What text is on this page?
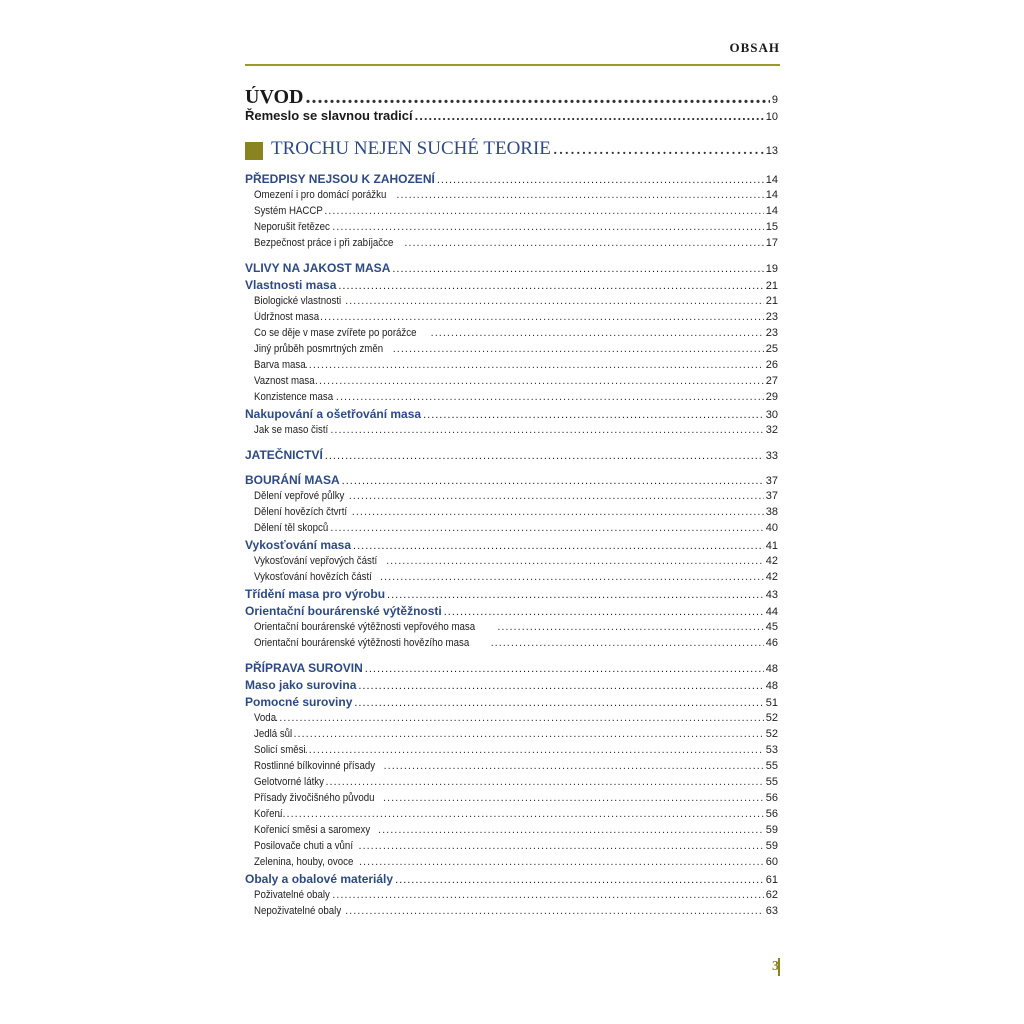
OBSAH
ÚVOD .....	9
Řemeslo se slavnou tradicí .....	10
TROCHU NEJEN SUCHÉ TEORIE .....	13
PŘEDPISY NEJSOU K ZAHOZENÍ .....	14
Omezení i pro domácí porážku .....	14
Systém HACCP .....	14
Neporušit řetězec .....	15
Bezpečnost práce i při zabíjačce .....	17
VLIVY NA JAKOST MASA .....	19
Vlastnosti masa .....	21
Biologické vlastnosti .....	21
Údržnost masa .....	23
Co se děje v mase zvířete po porážce .....	23
Jiný průběh posmrtných změn .....	25
Barva masa .....	26
Vaznost masa .....	27
Konzistence masa .....	29
Nakupování a ošetřování masa .....	30
Jak se maso čistí .....	32
JATEČNICTVÍ .....	33
BOURÁNÍ MASA .....	37
Dělení vepřové půlky .....	37
Dělení hovězích čtvrtí .....	38
Dělení těl skopců .....	40
Vykosťování masa .....	41
Vykosťování vepřových částí .....	42
Vykosťování hovězích částí .....	42
Třídění masa pro výrobu .....	43
Orientační bourárenské výtěžnosti .....	44
Orientační bourárenské výtěžnosti vepřového masa .....	45
Orientační bourárenské výtěžnosti hovězího masa .....	46
PŘÍPRAVA SUROVIN .....	48
Maso jako surovina .....	48
Pomocné suroviny .....	51
Voda .....	52
Jedlá sůl .....	52
Solicí směsi .....	53
Rostlinné bílkovinné přísady .....	55
Gelotvorné látky .....	55
Přísady živočišného původu .....	56
Koření .....	56
Kořenicí směsi a saromexy .....	59
Posilovače chuti a vůní .....	59
Zelenina, houby, ovoce .....	60
Obaly a obalové materiály .....	61
Poživatelné obaly .....	62
Nepoživatelné obaly .....	63
3
